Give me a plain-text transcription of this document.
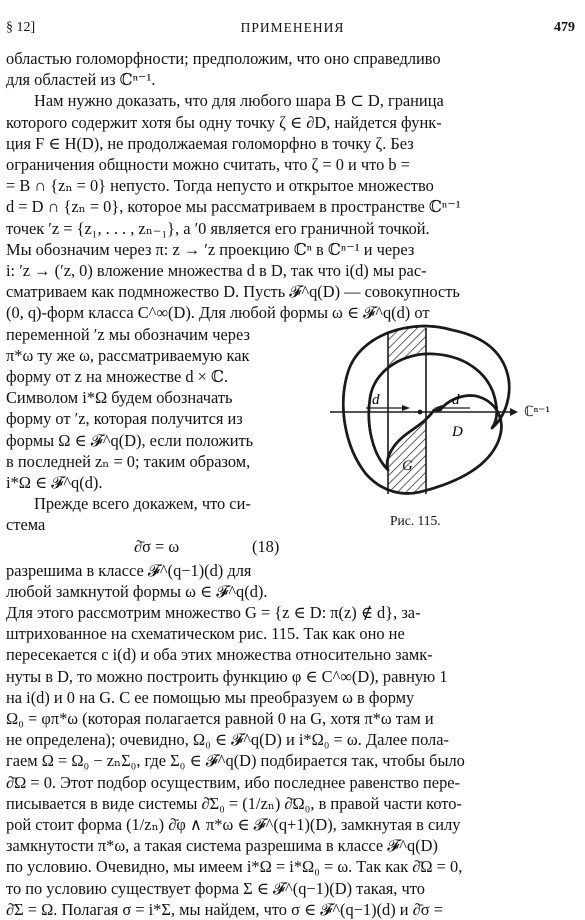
§ 12]	ПРИМЕНЕНИЯ	479
областью голоморфности; предположим, что оно справедливо
для областей из ℂⁿ⁻¹.
Нам нужно доказать, что для любого шара B ⊂ D, граница
которого содержит хотя бы одну точку ζ ∈ ∂D, найдется функ-
ция F ∈ H(D), не продолжаемая голоморфно в точку ζ. Без
ограничения общности можно считать, что ζ = 0 и что b =
= B ∩ {zₙ = 0} непусто. Тогда непусто и открытое множество
d = D ∩ {zₙ = 0}, которое мы рассматриваем в пространстве ℂⁿ⁻¹
точек ′z = {z₁, . . . , zₙ₋₁}, а ′0 является его граничной точкой.
Мы обозначим через π: z → ′z проекцию ℂⁿ в ℂⁿ⁻¹ и через
i: ′z → (′z, 0) вложение множества d в D, так что i(d) мы рас-
сматриваем как подмножество D. Пусть 𝓕^q(D) — совокупность
(0, q)-форм класса C^∞(D). Для любой формы ω ∈ 𝓕^q(d) от
переменной ′z мы обозначим через
π*ω ту же ω, рассматриваемую как
форму от z на множестве d × ℂ.
Символом i*Ω будем обозначать
форму от ′z, которая получится из
формы Ω ∈ 𝓕^q(D), если положить
в последней zₙ = 0; таким образом,
i*Ω ∈ 𝓕^q(d).
Прежде всего докажем, что си-
стема
∂̄σ = ω	(18)
d	d
D
G
ℂⁿ⁻¹
Рис. 115.
разрешима в классе 𝓕^(q−1)(d) для
любой замкнутой формы ω ∈ 𝓕^q(d).
Для этого рассмотрим множество G = {z ∈ D: π(z) ∉ d}, за-
штрихованное на схематическом рис. 115. Так как оно не
пересекается с i(d) и оба этих множества относительно замк-
нуты в D, то можно построить функцию φ ∈ C^∞(D), равную 1
на i(d) и 0 на G. С ее помощью мы преобразуем ω в форму
Ω₀ = φπ*ω (которая полагается равной 0 на G, хотя π*ω там и
не определена); очевидно, Ω₀ ∈ 𝓕^q(D) и i*Ω₀ = ω. Далее пола-
гаем Ω = Ω₀ − zₙΣ₀, где Σ₀ ∈ 𝓕^q(D) подбирается так, чтобы было
∂̄Ω = 0. Этот подбор осуществим, ибо последнее равенство пере-
писывается в виде системы ∂̄Σ₀ = (1/zₙ) ∂̄Ω₀, в правой части кото-
рой стоит форма (1/zₙ) ∂̄φ ∧ π*ω ∈ 𝓕^(q+1)(D), замкнутая в силу
замкнутости π*ω, а такая система разрешима в классе 𝓕^q(D)
по условию. Очевидно, мы имеем i*Ω = i*Ω₀ = ω. Так как ∂̄Ω = 0,
то по условию существует форма Σ ∈ 𝓕^(q−1)(D) такая, что
∂̄Σ = Ω. Полагая σ = i*Σ, мы найдем, что σ ∈ 𝓕^(q−1)(d) и ∂̄σ =
